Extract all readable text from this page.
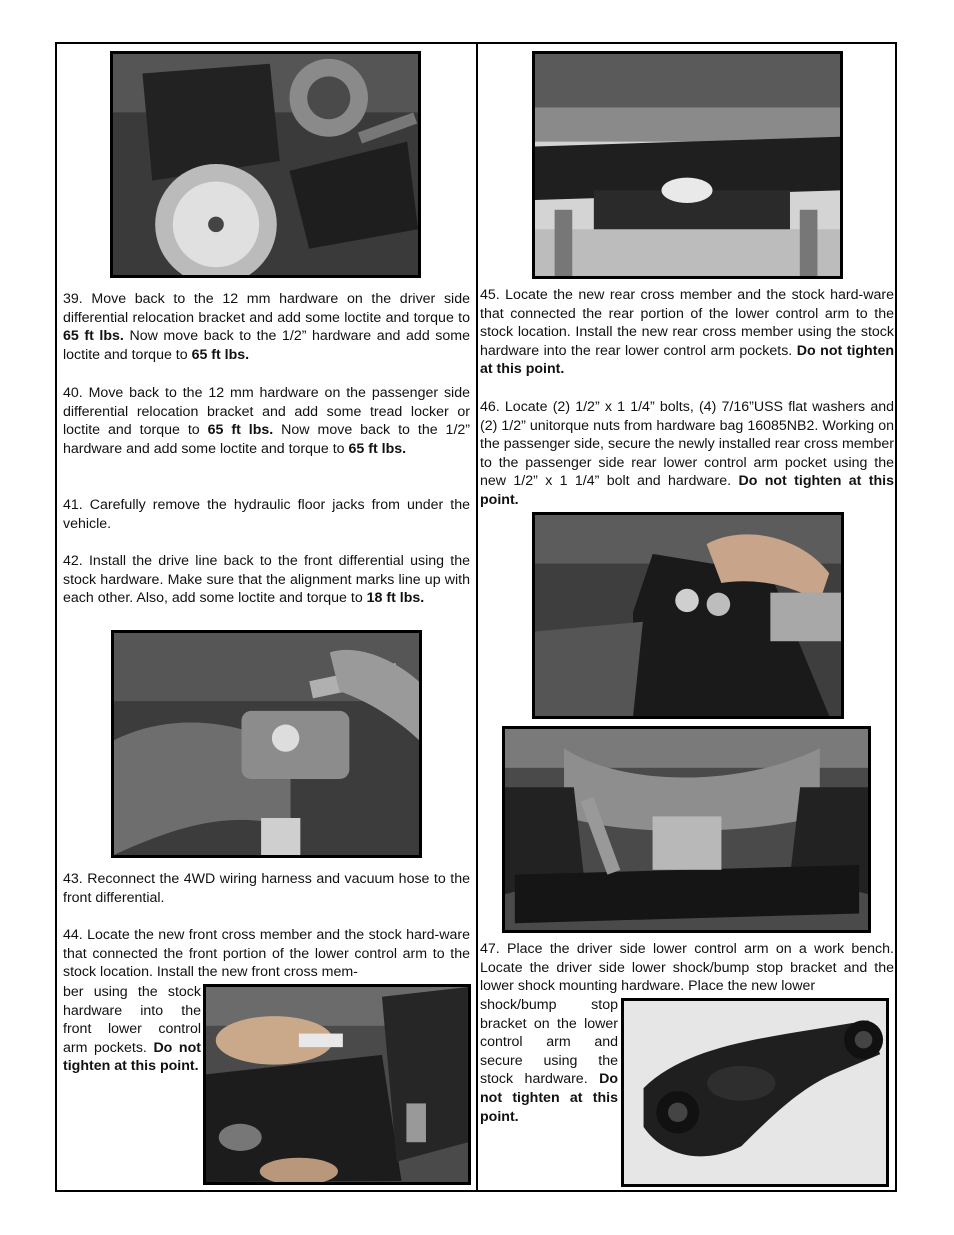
39. Move back to the 12 mm hardware on the driver side differential relocation bracket and add some loctite and torque to 65 ft lbs. Now move back to the 1/2” hardware and add some loctite and torque to 65 ft lbs.

40. Move back to the 12 mm hardware on the passenger side differential relocation bracket and add some tread locker or loctite and torque to 65 ft lbs. Now move back to the 1/2” hardware and add some loctite and torque to 65 ft lbs.

41. Carefully remove the hydraulic floor jacks from under the vehicle.

42. Install the drive line back to the front differential using the stock hardware. Make sure that the alignment marks line up with each other. Also, add some loctite and torque to 18 ft lbs.

43. Reconnect the 4WD wiring harness and vacuum hose to the front differential.

44. Locate the new front cross member and the stock hard-ware that connected the front portion of the lower control arm to the stock location. Install the new front cross mem-

ber using the stock hardware into the front lower control arm pockets. Do not tighten at this point.

45. Locate the new rear cross member and the stock hard-ware that connected the rear portion of the lower control arm to the stock location. Install the new rear cross member using the stock hardware into the rear lower control arm pockets. Do not tighten at this point.

46. Locate (2) 1/2” x 1 1/4” bolts, (4) 7/16”USS flat washers and (2) 1/2” unitorque nuts from hardware bag 16085NB2. Working on the passenger side, secure the newly installed rear cross member to the passenger side rear lower control arm pocket using the new 1/2” x 1 1/4” bolt and hardware. Do not tighten at this point.

47. Place the driver side lower control arm on a work bench. Locate the driver side lower shock/bump stop bracket and the lower shock mounting hardware. Place the new lower

shock/bump stop bracket on the lower control arm and secure using the stock hardware. Do not tighten at this point.
